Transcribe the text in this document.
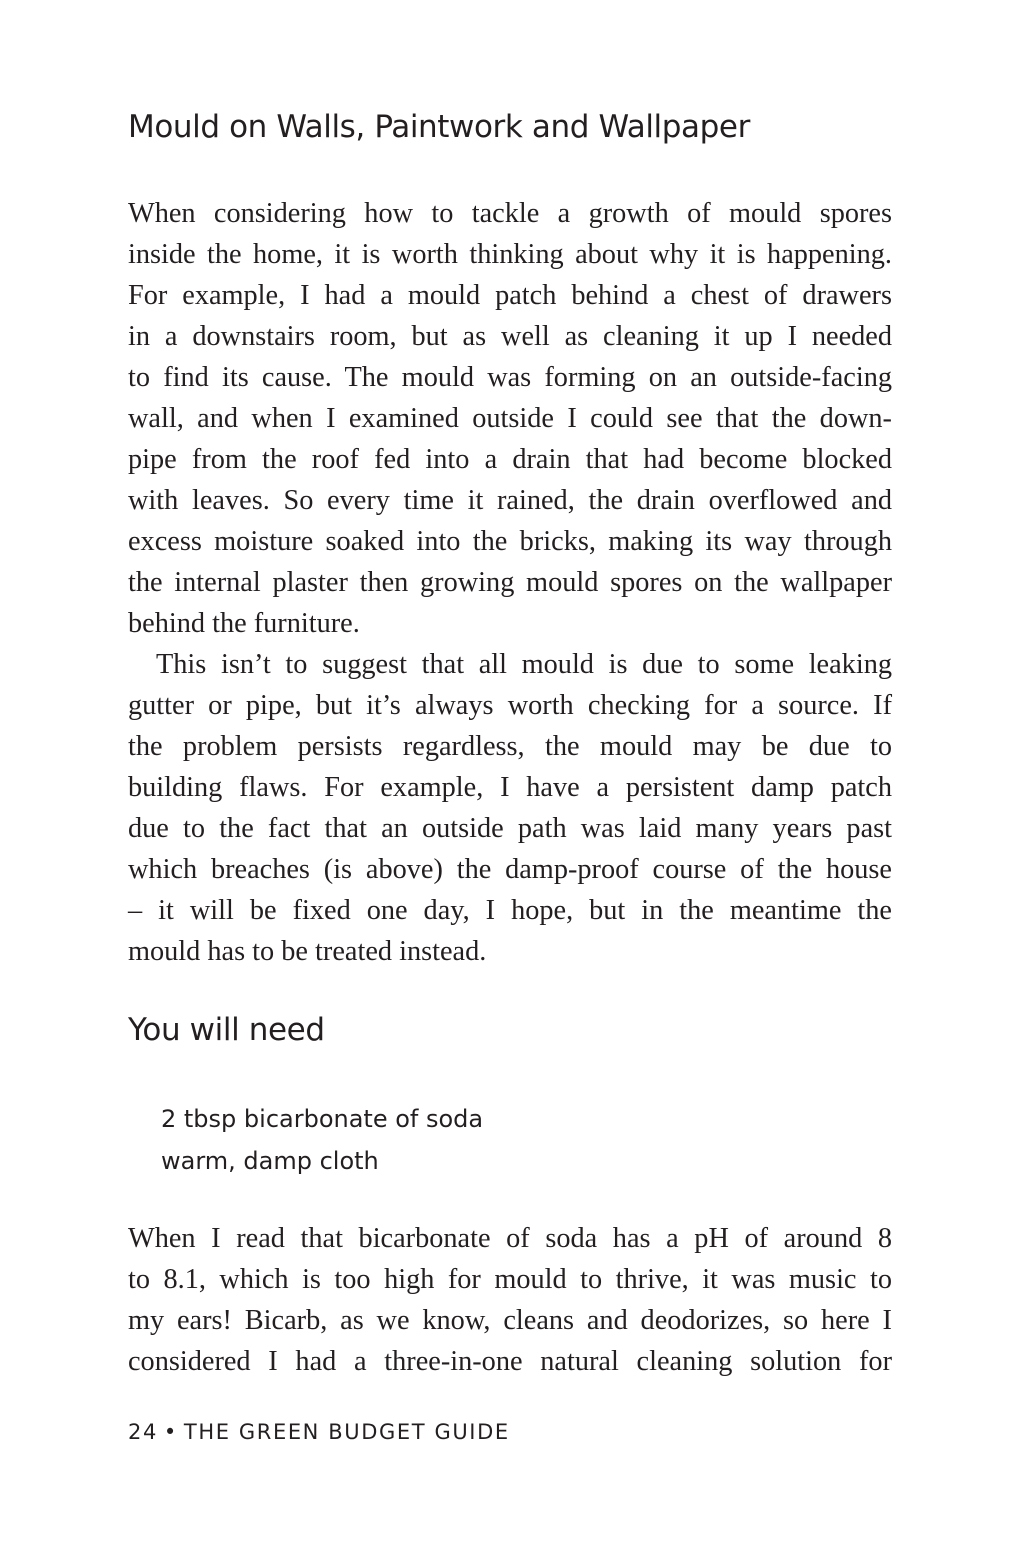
Mould on Walls, Paintwork and Wallpaper
When considering how to tackle a growth of mould spores
inside the home, it is worth thinking about why it is happening.
For example, I had a mould patch behind a chest of drawers
in a downstairs room, but as well as cleaning it up I needed
to find its cause. The mould was forming on an outside-facing
wall, and when I examined outside I could see that the down-
pipe from the roof fed into a drain that had become blocked
with leaves. So every time it rained, the drain overflowed and
excess moisture soaked into the bricks, making its way through
the internal plaster then growing mould spores on the wallpaper
behind the furniture.
This isn’t to suggest that all mould is due to some leaking
gutter or pipe, but it’s always worth checking for a source. If
the problem persists regardless, the mould may be due to
building flaws. For example, I have a persistent damp patch
due to the fact that an outside path was laid many years past
which breaches (is above) the damp-proof course of the house
– it will be fixed one day, I hope, but in the meantime the
mould has to be treated instead.
You will need
2 tbsp bicarbonate of soda
warm, damp cloth
When I read that bicarbonate of soda has a pH of around 8
to 8.1, which is too high for mould to thrive, it was music to
my ears! Bicarb, as we know, cleans and deodorizes, so here I
considered I had a three-in-one natural cleaning solution for
24 • THE GREEN BUDGET GUIDE
